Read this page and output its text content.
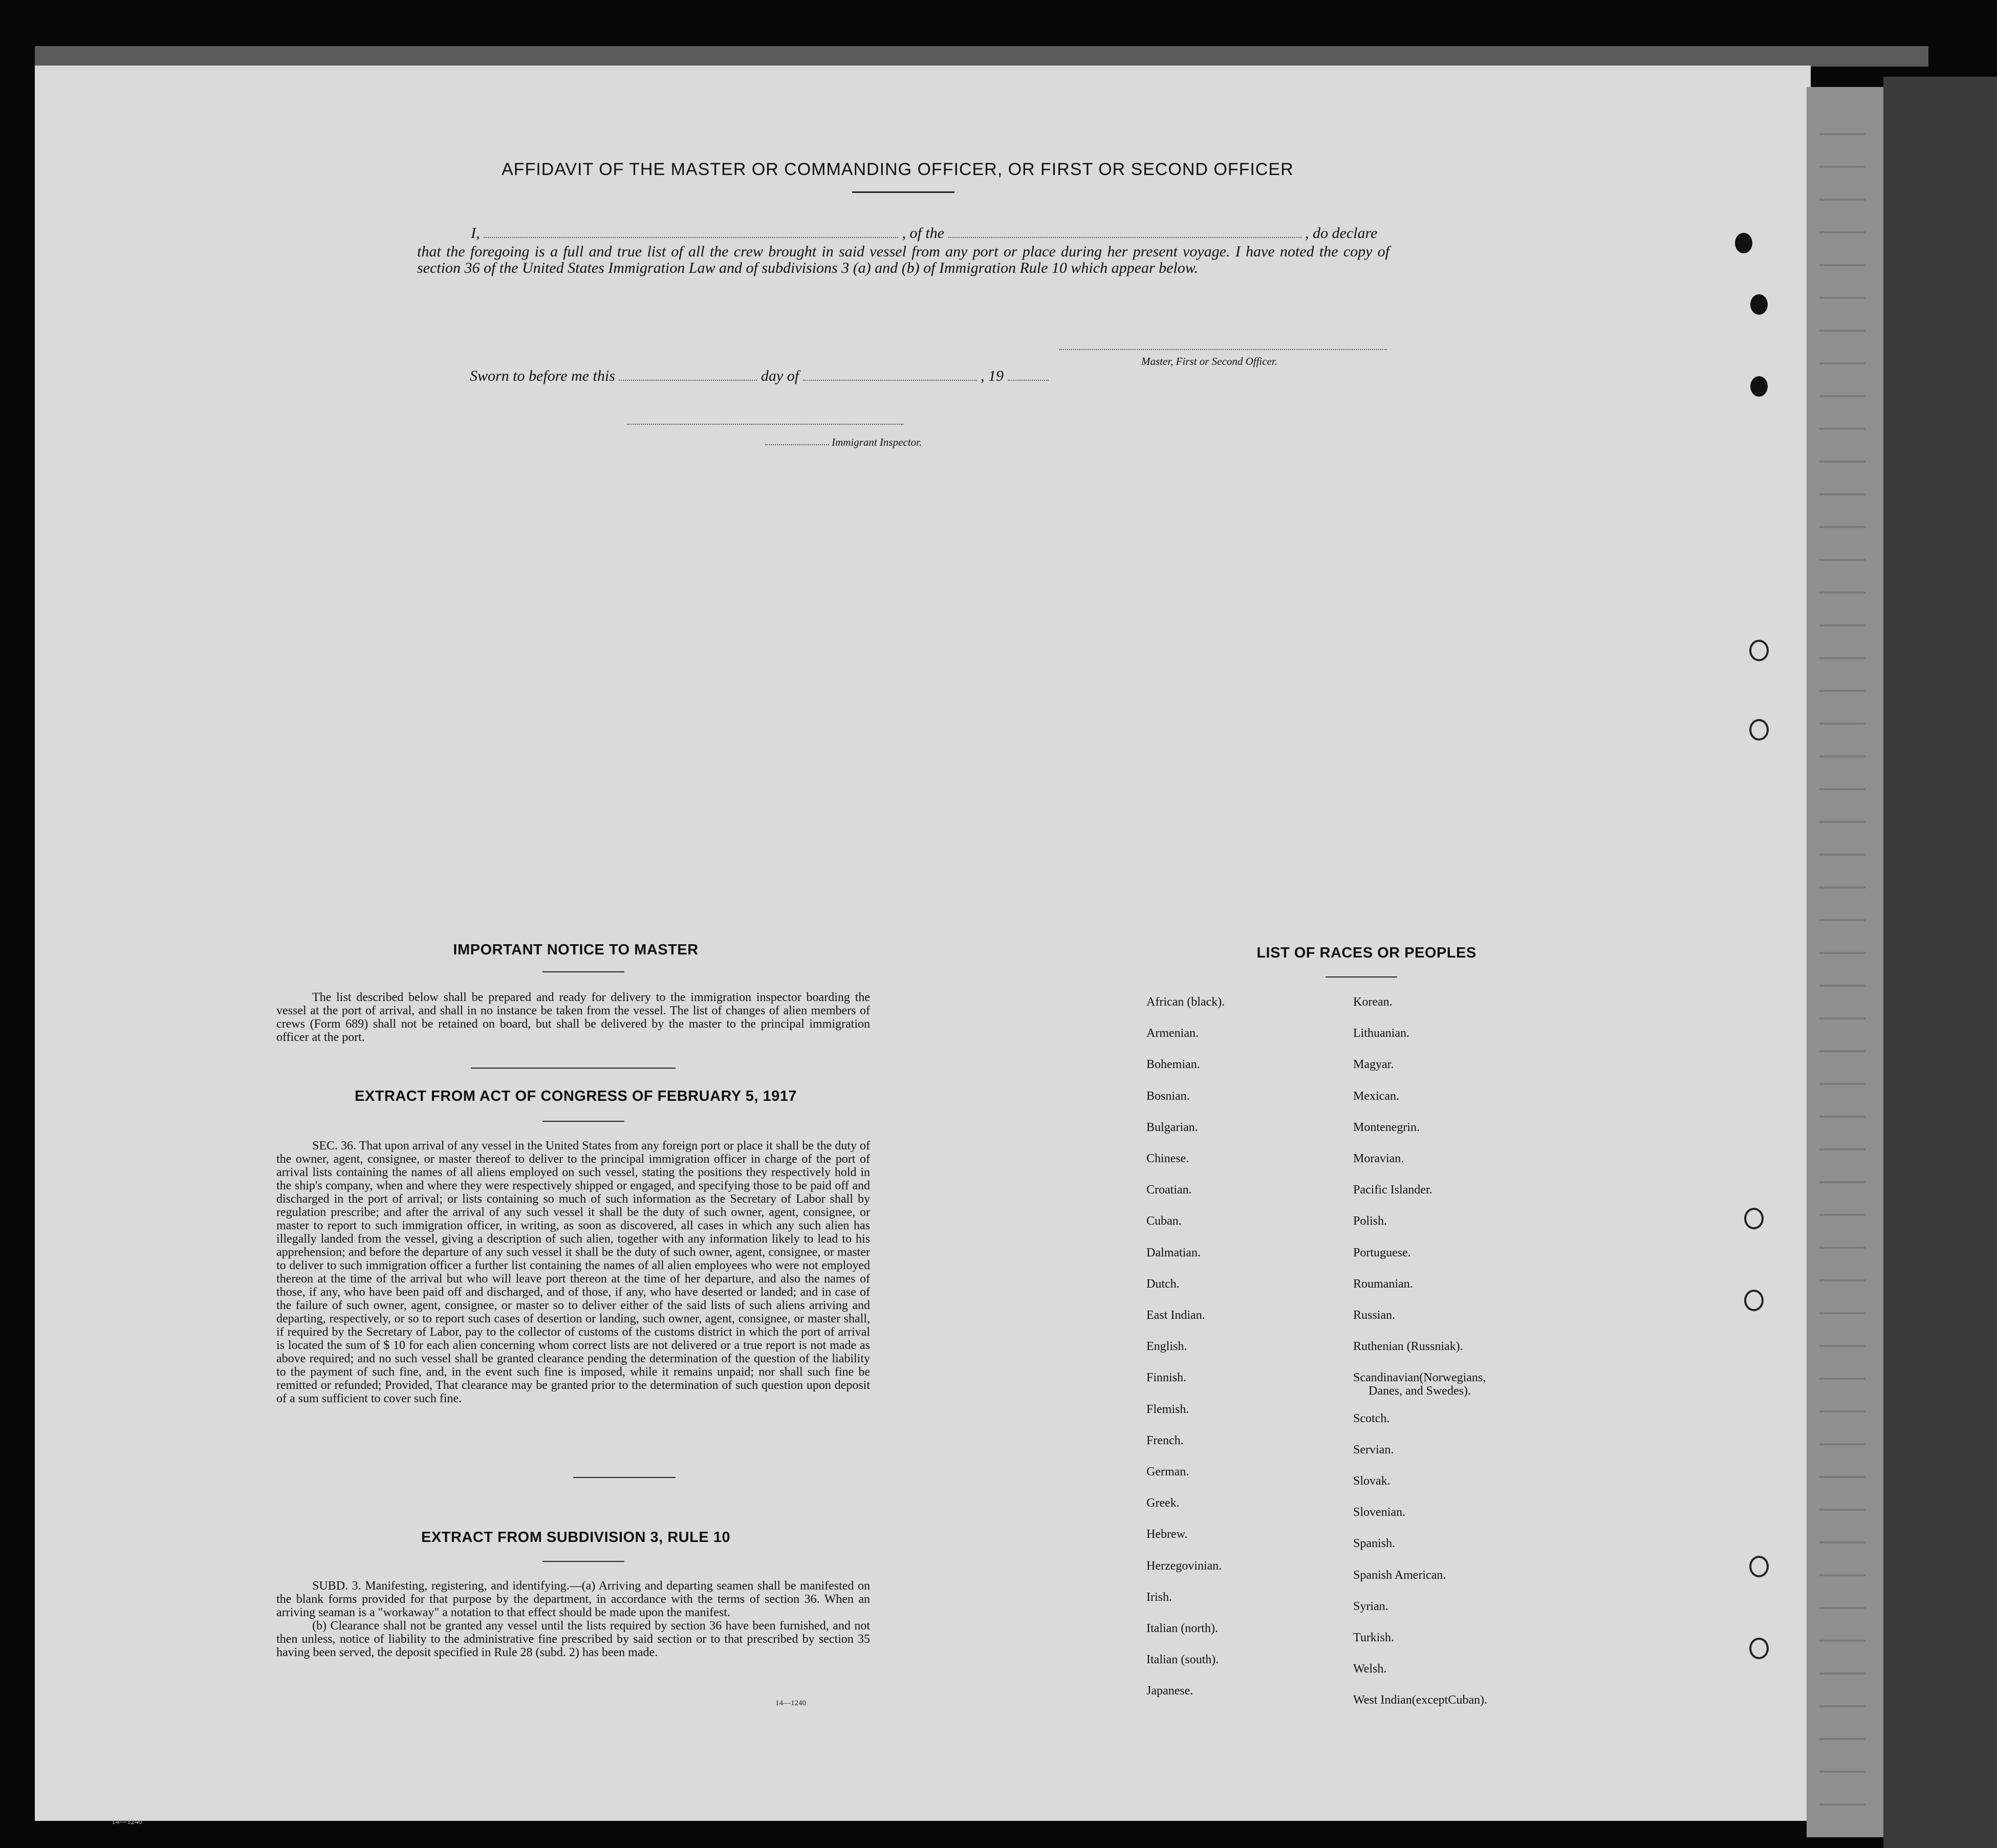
AFFIDAVIT OF THE MASTER OR COMMANDING OFFICER, OR FIRST OR SECOND OFFICER

I,	, of the	, do declare

that the foregoing is a full and true list of all the crew brought in said vessel from any port or place during her present voyage. I have noted the copy of section 36 of the United States Immigration Law and of subdivisions 3 (a) and (b) of Immigration Rule 10 which appear below.

Master, First or Second Officer.
Sworn to before me this	day of	, 19
Immigrant Inspector.
IMPORTANT NOTICE TO MASTER

The list described below shall be prepared and ready for delivery to the immigration inspector boarding the vessel at the port of arrival, and shall in no instance be taken from the vessel. The list of changes of alien members of crews (Form 689) shall not be retained on board, but shall be delivered by the master to the principal immigration officer at the port.

EXTRACT FROM ACT OF CONGRESS OF FEBRUARY 5, 1917

SEC. 36. That upon arrival of any vessel in the United States from any foreign port or place it shall be the duty of the owner, agent, consignee, or master thereof to deliver to the principal immigration officer in charge of the port of arrival lists containing the names of all aliens employed on such vessel, stating the positions they respectively hold in the ship's company, when and where they were respectively shipped or engaged, and specifying those to be paid off and discharged in the port of arrival; or lists containing so much of such information as the Secretary of Labor shall by regulation prescribe; and after the arrival of any such vessel it shall be the duty of such owner, agent, consignee, or master to report to such immigration officer, in writing, as soon as discovered, all cases in which any such alien has illegally landed from the vessel, giving a description of such alien, together with any information likely to lead to his apprehension; and before the departure of any such vessel it shall be the duty of such owner, agent, consignee, or master to deliver to such immigration officer a further list containing the names of all alien employees who were not employed thereon at the time of the arrival but who will leave port thereon at the time of her departure, and also the names of those, if any, who have been paid off and discharged, and of those, if any, who have deserted or landed; and in case of the failure of such owner, agent, consignee, or master so to deliver either of the said lists of such aliens arriving and departing, respectively, or so to report such cases of desertion or landing, such owner, agent, consignee, or master shall, if required by the Secretary of Labor, pay to the collector of customs of the customs district in which the port of arrival is located the sum of $ 10 for each alien concerning whom correct lists are not delivered or a true report is not made as above required; and no such vessel shall be granted clearance pending the determination of the question of the liability to the payment of such fine, and, in the event such fine is imposed, while it remains unpaid; nor shall such fine be remitted or refunded; Provided, That clearance may be granted prior to the determination of such question upon deposit of a sum sufficient to cover such fine.

EXTRACT FROM SUBDIVISION 3, RULE 10

SUBD. 3. Manifesting, registering, and identifying.—(a) Arriving and departing seamen shall be manifested on the blank forms provided for that purpose by the department, in accordance with the terms of section 36. When an arriving seaman is a "workaway" a notation to that effect should be made upon the manifest.

(b) Clearance shall not be granted any vessel until the lists required by section 36 have been furnished, and not then unless, notice of liability to the administrative fine prescribed by said section or to that prescribed by section 35 having been served, the deposit specified in Rule 28 (subd. 2) has been made.

14—1240
LIST OF RACES OR PEOPLES
African (black).
Armenian.
Bohemian.
Bosnian.
Bulgarian.
Chinese.
Croatian.
Cuban.
Dalmatian.
Dutch.
East Indian.
English.
Finnish.
Flemish.
French.
German.
Greek.
Hebrew.
Herzegovinian.
Irish.
Italian (north).
Italian (south).
Japanese.
Korean.
Lithuanian.
Magyar.
Mexican.
Montenegrin.
Moravian.
Pacific Islander.
Polish.
Portuguese.
Roumanian.
Russian.
Ruthenian (Russniak).
Scandinavian(Norwegians,
Danes, and Swedes).
Scotch.
Servian.
Slovak.
Slovenian.
Spanish.
Spanish American.
Syrian.
Turkish.
Welsh.
West Indian(exceptCuban).
14—1240
